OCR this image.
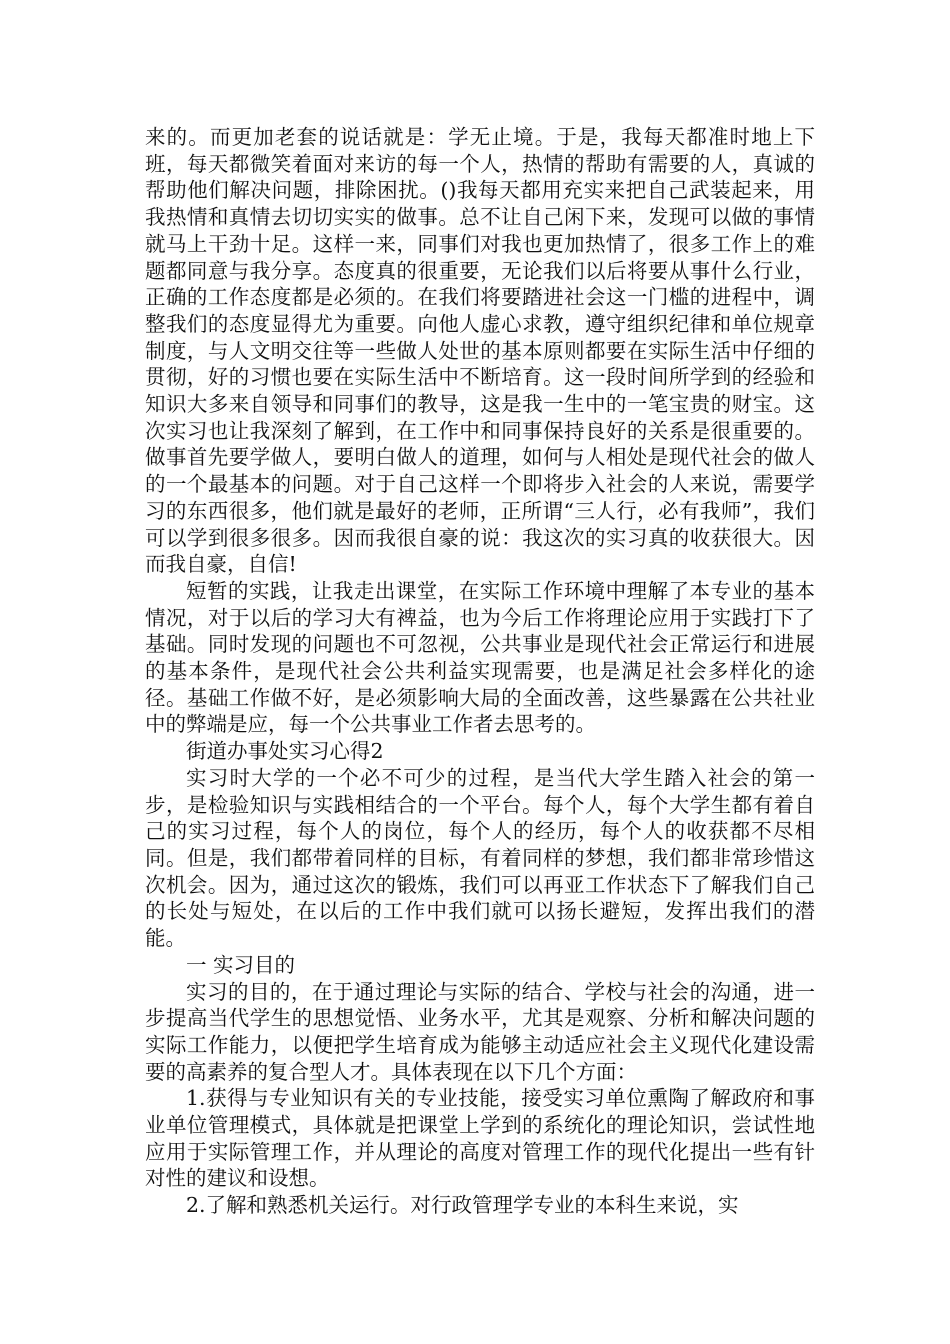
来的。而更加老套的说话就是：学无止境。于是，我每天都准时地上下班，每天都微笑着面对来访的每一个人，热情的帮助有需要的人，真诚的帮助他们解决问题，排除困扰。()我每天都用充实来把自己武装起来，用我热情和真情去切切实实的做事。总不让自己闲下来，发现可以做的事情就马上干劲十足。这样一来，同事们对我也更加热情了，很多工作上的难题都同意与我分享。态度真的很重要，无论我们以后将要从事什么行业，正确的工作态度都是必须的。在我们将要踏进社会这一门槛的进程中，调整我们的态度显得尤为重要。向他人虚心求教，遵守组织纪律和单位规章制度，与人文明交往等一些做人处世的基本原则都要在实际生活中仔细的贯彻，好的习惯也要在实际生活中不断培育。这一段时间所学到的经验和知识大多来自领导和同事们的教导，这是我一生中的一笔宝贵的财宝。这次实习也让我深刻了解到，在工作中和同事保持良好的关系是很重要的。做事首先要学做人，要明白做人的道理，如何与人相处是现代社会的做人的一个最基本的问题。对于自己这样一个即将步入社会的人来说，需要学习的东西很多，他们就是最好的老师，正所谓“三人行，必有我师”，我们可以学到很多很多。因而我很自豪的说：我这次的实习真的收获很大。因而我自豪，自信!

短暂的实践，让我走出课堂，在实际工作环境中理解了本专业的基本情况，对于以后的学习大有裨益，也为今后工作将理论应用于实践打下了基础。同时发现的问题也不可忽视，公共事业是现代社会正常运行和进展的基本条件，是现代社会公共利益实现需要，也是满足社会多样化的途径。基础工作做不好，是必须影响大局的全面改善，这些暴露在公共社业中的弊端是应，每一个公共事业工作者去思考的。

街道办事处实习心得2

实习时大学的一个必不可少的过程，是当代大学生踏入社会的第一步，是检验知识与实践相结合的一个平台。每个人，每个大学生都有着自己的实习过程，每个人的岗位，每个人的经历，每个人的收获都不尽相同。但是，我们都带着同样的目标，有着同样的梦想，我们都非常珍惜这次机会。因为，通过这次的锻炼，我们可以再亚工作状态下了解我们自己的长处与短处，在以后的工作中我们就可以扬长避短，发挥出我们的潜能。

一 实习目的

实习的目的，在于通过理论与实际的结合、学校与社会的沟通，进一步提高当代学生的思想觉悟、业务水平，尤其是观察、分析和解决问题的实际工作能力，以便把学生培育成为能够主动适应社会主义现代化建设需要的高素养的复合型人才。具体表现在以下几个方面：

1.获得与专业知识有关的专业技能，接受实习单位熏陶了解政府和事业单位管理模式，具体就是把课堂上学到的系统化的理论知识，尝试性地应用于实际管理工作，并从理论的高度对管理工作的现代化提出一些有针对性的建议和设想。

2.了解和熟悉机关运行。对行政管理学专业的本科生来说，实
